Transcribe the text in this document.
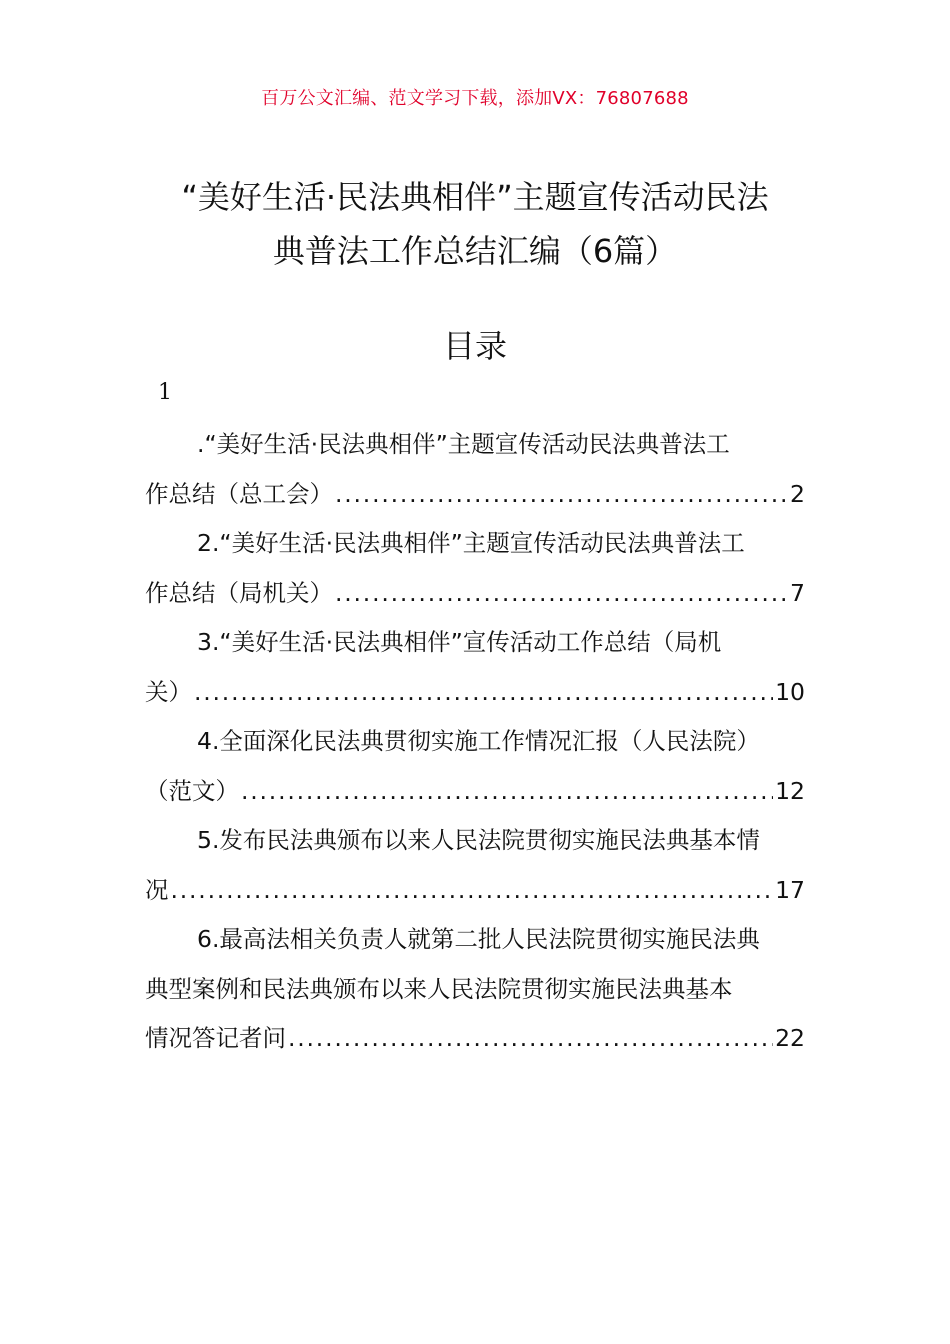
百万公文汇编、范文学习下载，添加VX：76807688
“美好生活·民法典相伴”主题宣传活动民法
典普法工作总结汇编（6篇）
目录
1
.“美好生活·民法典相伴”主题宣传活动民法典普法工
作总结（总工会） .....	2
2.“美好生活·民法典相伴”主题宣传活动民法典普法工
作总结（局机关） .....	7
3.“美好生活·民法典相伴”宣传活动工作总结（局机
关） .....	10
4.全面深化民法典贯彻实施工作情况汇报（人民法院）
（范文） .....	12
5.发布民法典颁布以来人民法院贯彻实施民法典基本情
况 .....	17
6.最高法相关负责人就第二批人民法院贯彻实施民法典
典型案例和民法典颁布以来人民法院贯彻实施民法典基本
情况答记者问 .....	22
